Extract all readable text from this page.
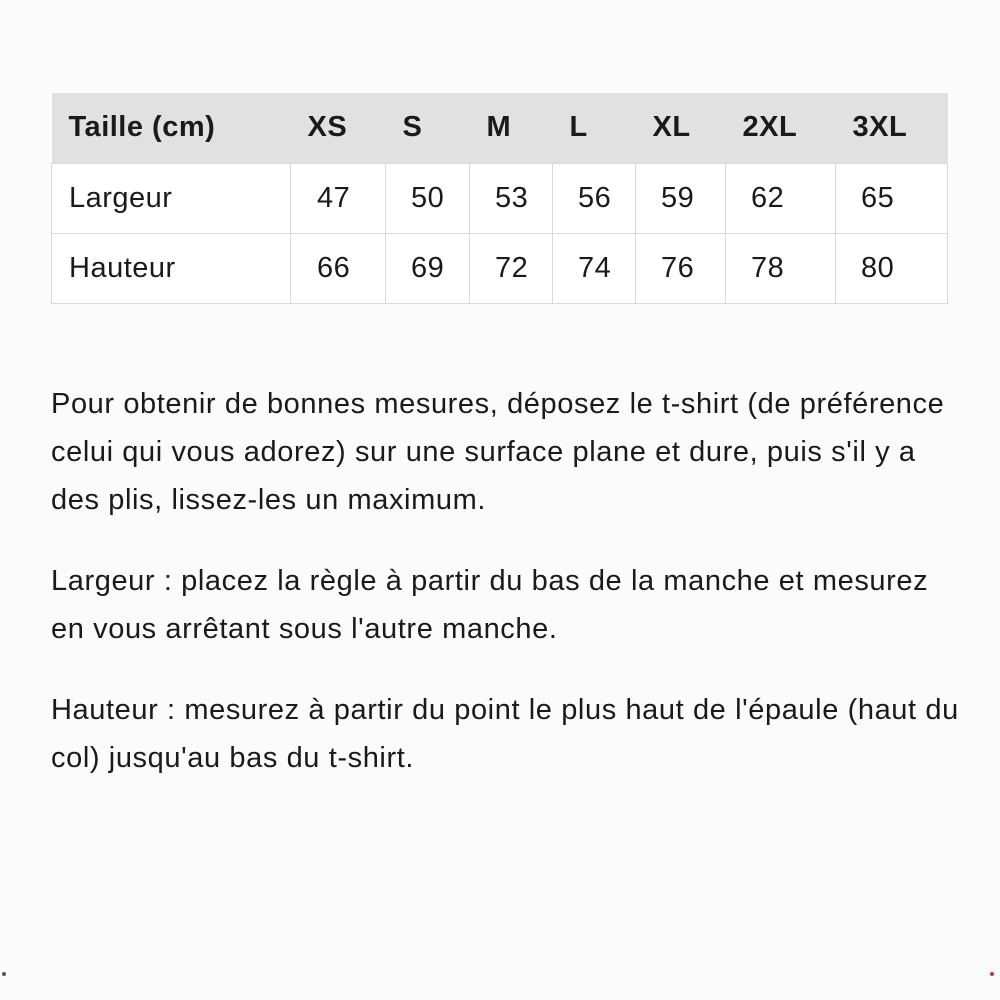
Taille (cm)	XS	S	M	L	XL	2XL	3XL
Largeur	47	50	53	56	59	62	65
Hauteur	66	69	72	74	76	78	80

Pour obtenir de bonnes mesures, déposez le t-shirt (de préférence celui qui vous adorez) sur une surface plane et dure, puis s'il y a des plis, lissez-les un maximum.

Largeur : placez la règle à partir du bas de la manche et mesurez en vous arrêtant sous l'autre manche.

Hauteur : mesurez à partir du point le plus haut de l'épaule (haut du col) jusqu'au bas du t-shirt.
